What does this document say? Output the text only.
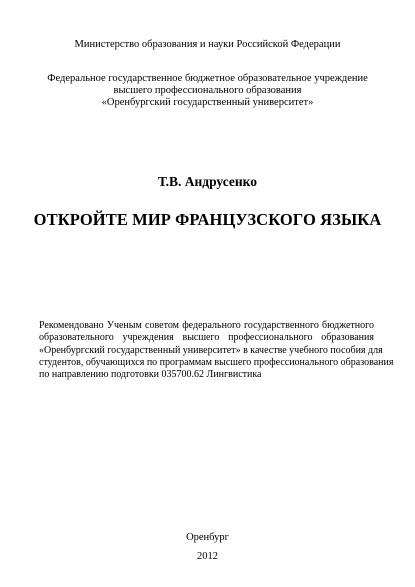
Министерство образования и науки Российской Федерации
Федеральное государственное бюджетное образовательное учреждение
высшего профессионального образования
«Оренбургский государственный университет»
Т.В. Андрусенко
ОТКРОЙТЕ МИР ФРАНЦУЗСКОГО ЯЗЫКА
Рекомендовано Ученым советом федерального государственного бюджетного
образовательного учреждения высшего профессионального образования
«Оренбургский государственный университет» в качестве учебного пособия для
студентов, обучающихся по программам высшего профессионального образования
по направлению подготовки 035700.62 Лингвистика
Оренбург
2012
